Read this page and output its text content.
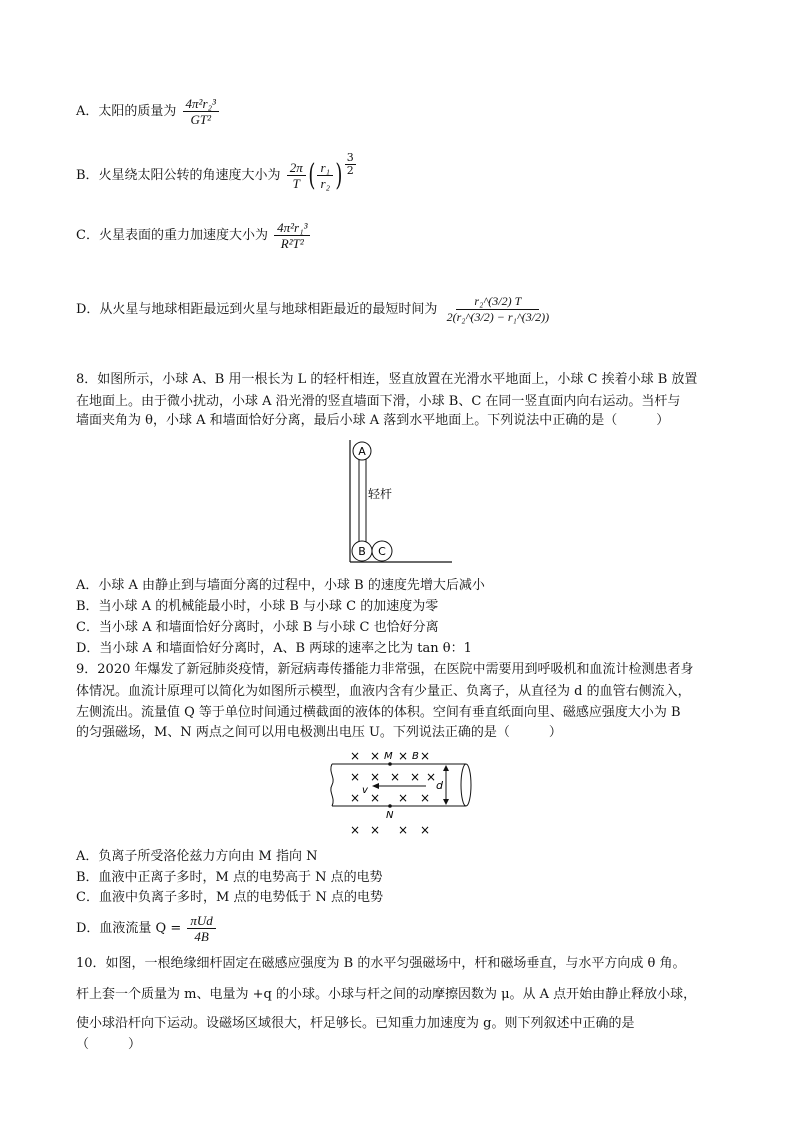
A．太阳的质量为 $\frac{\text{4π²r₂³}}{\text{GT²}}$
B．火星绕太阳公转的角速度大小为 $\frac{2\pi}{T}$ ( $\frac{\text{r₁}}{\text{r₂}}$ ) $\frac{3}{2}$
C．火星表面的重力加速度大小为 $\frac{\text{4π²r₁³}}{\text{R²T²}}$
D．从火星与地球相距最远到火星与地球相距最近的最短时间为 $\frac{\text{r₂\textasciicircum{}(3/2) T}}{\text{2(r₂\textasciicircum{}(3/2) − r₁\textasciicircum{}(3/2))}}$
8．如图所示，小球 A、B 用一根长为 L 的轻杆相连，竖直放置在光滑水平地面上，小球 C 挨着小球 B 放置
在地面上。由于微小扰动，小球 A 沿光滑的竖直墙面下滑，小球 B、C 在同一竖直面内向右运动。当杆与
墙面夹角为 θ，小球 A 和墙面恰好分离，最后小球 A 落到水平地面上。下列说法中正确的是（　　　）
A
B C
轻杆
A．小球 A 由静止到与墙面分离的过程中，小球 B 的速度先增大后减小
B．当小球 A 的机械能最小时，小球 B 与小球 C 的加速度为零
C．当小球 A 和墙面恰好分离时，小球 B 与小球 C 也恰好分离
D．当小球 A 和墙面恰好分离时，A、B 两球的速率之比为 tan θ：1
9．2020 年爆发了新冠肺炎疫情，新冠病毒传播能力非常强，在医院中需要用到呼吸机和血流计检测患者身
体情况。血流计原理可以简化为如图所示模型，血液内含有少量正、负离子，从直径为 d 的血管右侧流入，
左侧流出。流量值 Q 等于单位时间通过横截面的液体的体积。空间有垂直纸面向里、磁感应强度大小为 B
的匀强磁场，M、N 两点之间可以用电极测出电压 U。下列说法正确的是（　　　）
d
× × M × B ×
× × × × ×
v
× × × ×
N
× × × ×
A．负离子所受洛伦兹力方向由 M 指向 N
B．血液中正离子多时，M 点的电势高于 N 点的电势
C．血液中负离子多时，M 点的电势低于 N 点的电势
D．血液流量 $Q = \frac{\text{πUd}}{4B}$
10．如图，一根绝缘细杆固定在磁感应强度为 B 的水平匀强磁场中，杆和磁场垂直，与水平方向成 θ 角。
杆上套一个质量为 m、电量为 +q 的小球。小球与杆之间的动摩擦因数为 μ。从 A 点开始由静止释放小球，
使小球沿杆向下运动。设磁场区域很大，杆足够长。已知重力加速度为 g。则下列叙述中正确的是
（　　　）
